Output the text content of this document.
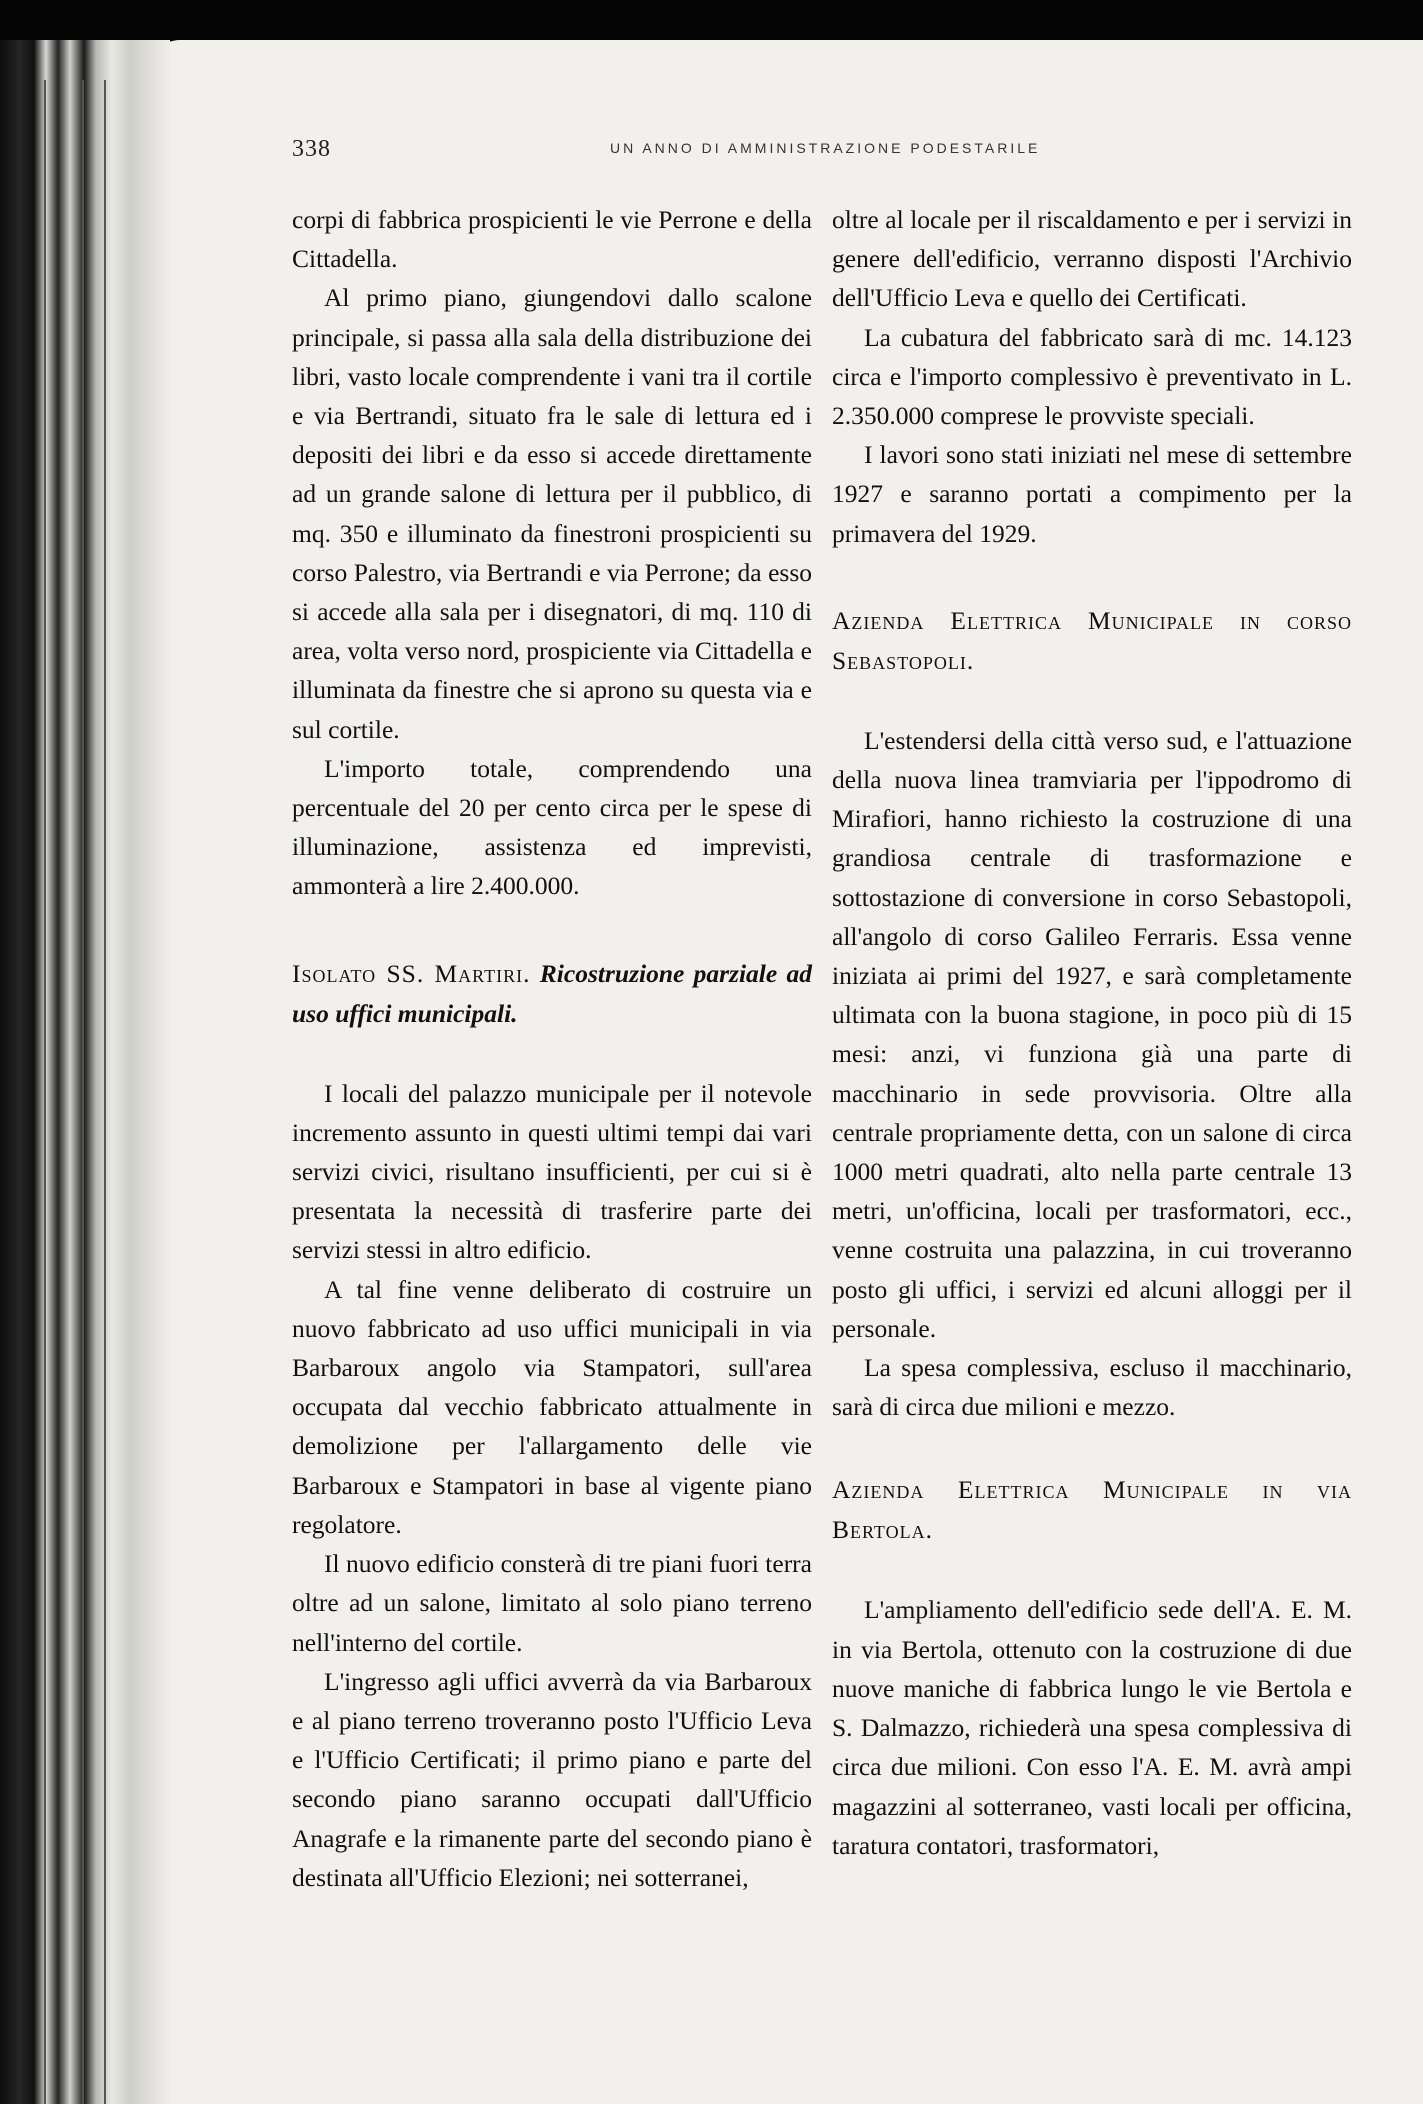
338	UN ANNO DI AMMINISTRAZIONE PODESTARILE

corpi di fabbrica prospicienti le vie Perrone e della Cittadella.

Al primo piano, giungendovi dallo scalone principale, si passa alla sala della distribuzione dei libri, vasto locale comprendente i vani tra il cortile e via Bertrandi, situato fra le sale di lettura ed i depositi dei libri e da esso si accede direttamente ad un grande salone di lettura per il pubblico, di mq. 350 e illuminato da finestroni prospicienti su corso Palestro, via Bertrandi e via Perrone; da esso si accede alla sala per i disegnatori, di mq. 110 di area, volta verso nord, prospiciente via Cittadella e illuminata da finestre che si aprono su questa via e sul cortile.

L'importo totale, comprendendo una percentuale del 20 per cento circa per le spese di illuminazione, assistenza ed imprevisti, ammonterà a lire 2.400.000.

Isolato SS. Martiri. Ricostruzione parziale ad uso uffici municipali.

I locali del palazzo municipale per il notevole incremento assunto in questi ultimi tempi dai vari servizi civici, risultano insufficienti, per cui si è presentata la necessità di trasferire parte dei servizi stessi in altro edificio.

A tal fine venne deliberato di costruire un nuovo fabbricato ad uso uffici municipali in via Barbaroux angolo via Stampatori, sull'area occupata dal vecchio fabbricato attualmente in demolizione per l'allargamento delle vie Barbaroux e Stampatori in base al vigente piano regolatore.

Il nuovo edificio consterà di tre piani fuori terra oltre ad un salone, limitato al solo piano terreno nell'interno del cortile.

L'ingresso agli uffici avverrà da via Barbaroux e al piano terreno troveranno posto l'Ufficio Leva e l'Ufficio Certificati; il primo piano e parte del secondo piano saranno occupati dall'Ufficio Anagrafe e la rimanente parte del secondo piano è destinata all'Ufficio Elezioni; nei sotterranei,

oltre al locale per il riscaldamento e per i servizi in genere dell'edificio, verranno disposti l'Archivio dell'Ufficio Leva e quello dei Certificati.

La cubatura del fabbricato sarà di mc. 14.123 circa e l'importo complessivo è preventivato in L. 2.350.000 comprese le provviste speciali.

I lavori sono stati iniziati nel mese di settembre 1927 e saranno portati a compimento per la primavera del 1929.

Azienda Elettrica Municipale in corso Sebastopoli.

L'estendersi della città verso sud, e l'attuazione della nuova linea tramviaria per l'ippodromo di Mirafiori, hanno richiesto la costruzione di una grandiosa centrale di trasformazione e sottostazione di conversione in corso Sebastopoli, all'angolo di corso Galileo Ferraris. Essa venne iniziata ai primi del 1927, e sarà completamente ultimata con la buona stagione, in poco più di 15 mesi: anzi, vi funziona già una parte di macchinario in sede provvisoria. Oltre alla centrale propriamente detta, con un salone di circa 1000 metri quadrati, alto nella parte centrale 13 metri, un'officina, locali per trasformatori, ecc., venne costruita una palazzina, in cui troveranno posto gli uffici, i servizi ed alcuni alloggi per il personale.

La spesa complessiva, escluso il macchinario, sarà di circa due milioni e mezzo.

Azienda Elettrica Municipale in via Bertola.

L'ampliamento dell'edificio sede dell'A. E. M. in via Bertola, ottenuto con la costruzione di due nuove maniche di fabbrica lungo le vie Bertola e S. Dalmazzo, richiederà una spesa complessiva di circa due milioni. Con esso l'A. E. M. avrà ampi magazzini al sotterraneo, vasti locali per officina, taratura contatori, trasformatori,
